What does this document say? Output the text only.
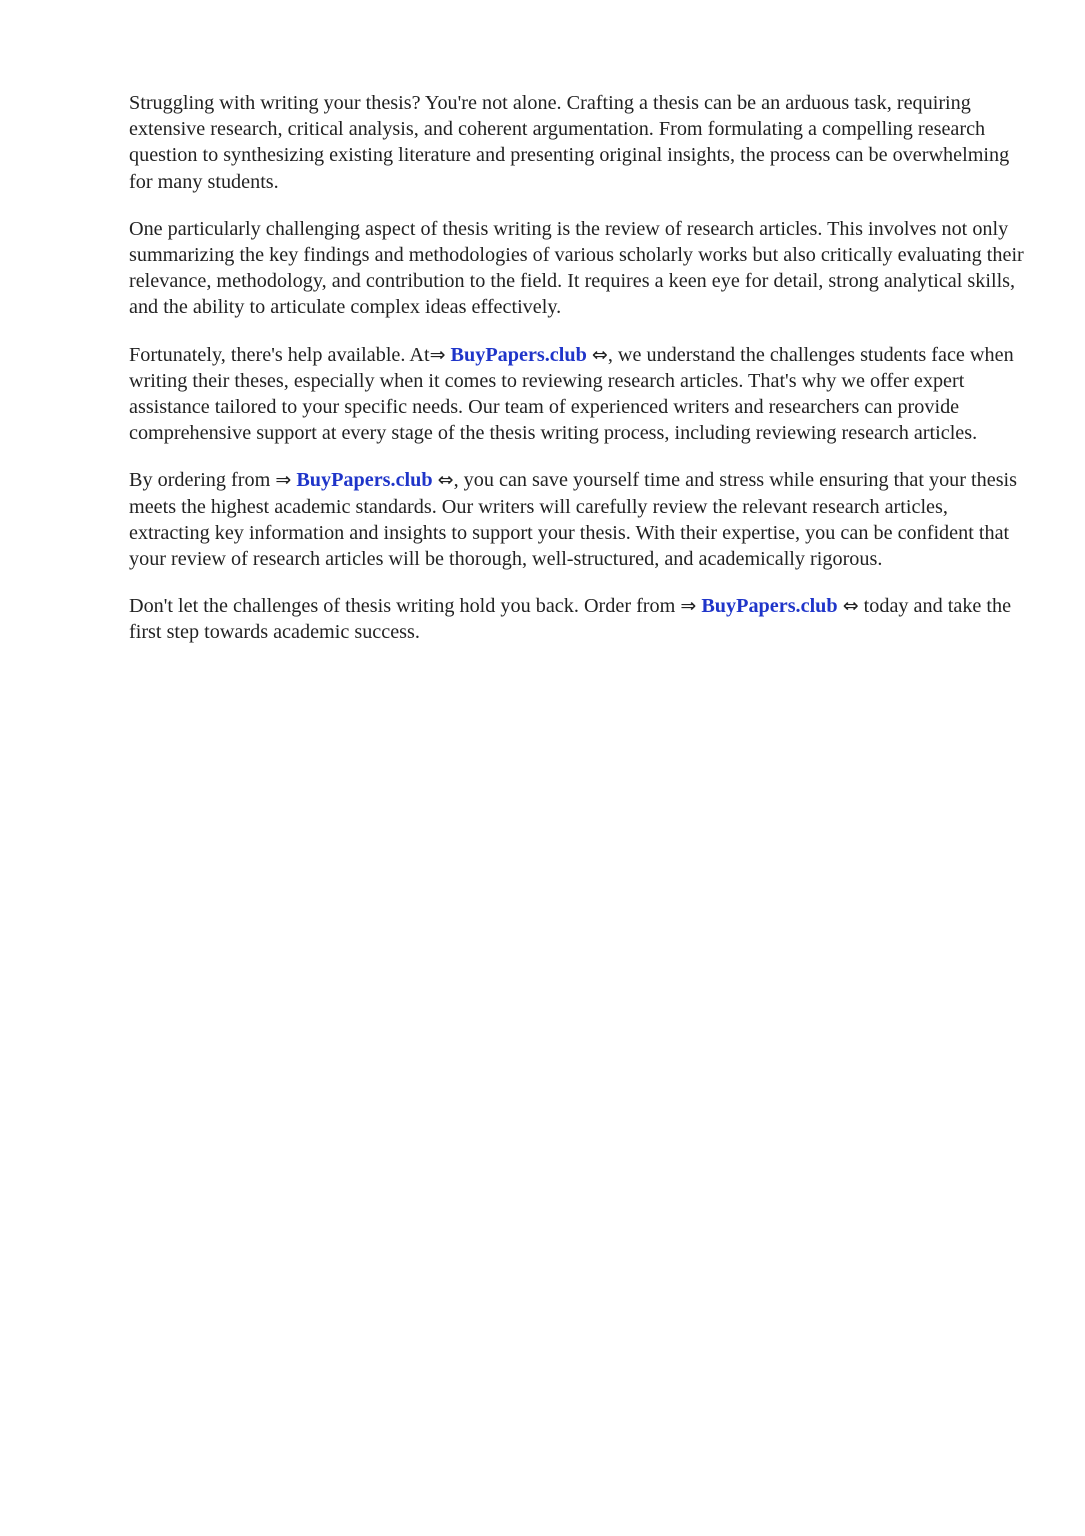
Struggling with writing your thesis? You're not alone. Crafting a thesis can be an arduous task, requiring extensive research, critical analysis, and coherent argumentation. From formulating a compelling research question to synthesizing existing literature and presenting original insights, the process can be overwhelming for many students.

One particularly challenging aspect of thesis writing is the review of research articles. This involves not only summarizing the key findings and methodologies of various scholarly works but also critically evaluating their relevance, methodology, and contribution to the field. It requires a keen eye for detail, strong analytical skills, and the ability to articulate complex ideas effectively.

Fortunately, there's help available. At⇒ BuyPapers.club ⇔, we understand the challenges students face when writing their theses, especially when it comes to reviewing research articles. That's why we offer expert assistance tailored to your specific needs. Our team of experienced writers and researchers can provide comprehensive support at every stage of the thesis writing process, including reviewing research articles.

By ordering from ⇒ BuyPapers.club ⇔, you can save yourself time and stress while ensuring that your thesis meets the highest academic standards. Our writers will carefully review the relevant research articles, extracting key information and insights to support your thesis. With their expertise, you can be confident that your review of research articles will be thorough, well-structured, and academically rigorous.

Don't let the challenges of thesis writing hold you back. Order from ⇒ BuyPapers.club ⇔ today and take the first step towards academic success.
